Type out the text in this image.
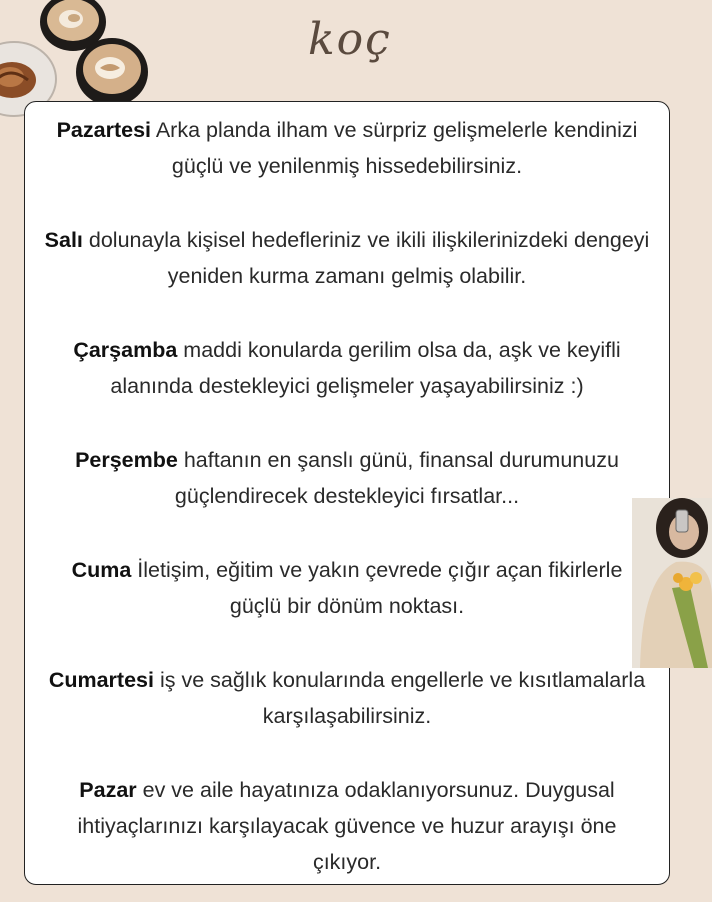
koç

Pazartesi Arka planda ilham ve sürpriz gelişmelerle kendinizi güçlü ve yenilenmiş hissedebilirsiniz.

Salı dolunayla kişisel hedefleriniz ve ikili ilişkilerinizdeki dengeyi yeniden kurma zamanı gelmiş olabilir.

Çarşamba maddi konularda gerilim olsa da, aşk ve keyifli alanında destekleyici gelişmeler yaşayabilirsiniz :)

Perşembe haftanın en şanslı günü, finansal durumunuzu güçlendirecek destekleyici fırsatlar...

Cuma İletişim, eğitim ve yakın çevrede çığır açan fikirlerle güçlü bir dönüm noktası.

Cumartesi iş ve sağlık konularında engellerle ve kısıtlamalarla karşılaşabilirsiniz.

Pazar ev ve aile hayatınıza odaklanıyorsunuz. Duygusal ihtiyaçlarınızı karşılayacak güvence ve huzur arayışı öne çıkıyor.
